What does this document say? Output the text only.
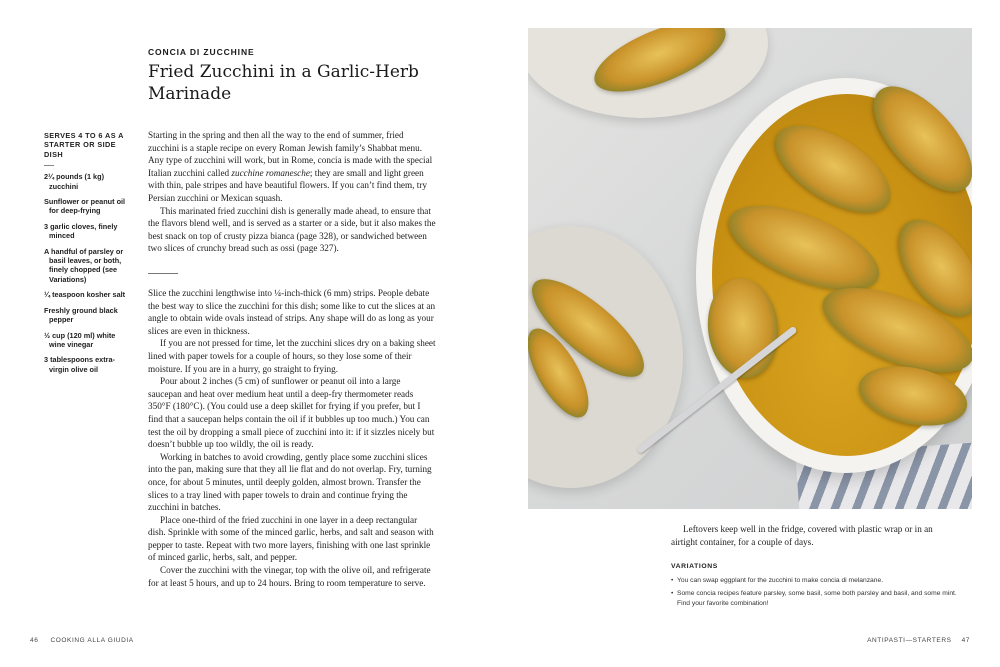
CONCIA DI ZUCCHINE
Fried Zucchini in a Garlic-Herb Marinade
SERVES 4 TO 6 AS A STARTER OR SIDE DISH
2¼ pounds (1 kg) zucchini
Sunflower or peanut oil for deep-frying
3 garlic cloves, finely minced
A handful of parsley or basil leaves, or both, finely chopped (see Variations)
¼ teaspoon kosher salt
Freshly ground black pepper
½ cup (120 ml) white wine vinegar
3 tablespoons extra-virgin olive oil

Starting in the spring and then all the way to the end of summer, fried zucchini is a staple recipe on every Roman Jewish family’s Shabbat menu. Any type of zucchini will work, but in Rome, concia is made with the special Italian zucchini called zucchine romanesche; they are small and light green with thin, pale stripes and have beautiful flowers. If you can’t find them, try Persian zucchini or Mexican squash.

This marinated fried zucchini dish is generally made ahead, to ensure that the flavors blend well, and is served as a starter or a side, but it also makes the best snack on top of crusty pizza bianca (page 328), or sandwiched between two slices of crunchy bread such as ossi (page 327).

Slice the zucchini lengthwise into ¼-inch-thick (6 mm) strips. People debate the best way to slice the zucchini for this dish; some like to cut the slices at an angle to obtain wide ovals instead of strips. Any shape will do as long as your slices are even in thickness.

If you are not pressed for time, let the zucchini slices dry on a baking sheet lined with paper towels for a couple of hours, so they lose some of their moisture. If you are in a hurry, go straight to frying.

Pour about 2 inches (5 cm) of sunflower or peanut oil into a large saucepan and heat over medium heat until a deep-fry thermometer reads 350°F (180°C). (You could use a deep skillet for frying if you prefer, but I find that a saucepan helps contain the oil if it bubbles up too much.) You can test the oil by dropping a small piece of zucchini into it: if it sizzles nicely but doesn’t bubble up too wildly, the oil is ready.

Working in batches to avoid crowding, gently place some zucchini slices into the pan, making sure that they all lie flat and do not overlap. Fry, turning once, for about 5 minutes, until deeply golden, almost brown. Transfer the slices to a tray lined with paper towels to drain and continue frying the zucchini in batches.

Place one-third of the fried zucchini in one layer in a deep rectangular dish. Sprinkle with some of the minced garlic, herbs, and salt and season with pepper to taste. Repeat with two more layers, finishing with one last sprinkle of minced garlic, herbs, salt, and pepper.

Cover the zucchini with the vinegar, top with the olive oil, and refrigerate for at least 5 hours, and up to 24 hours. Bring to room temperature to serve.

46 COOKING ALLA GIUDIA

Leftovers keep well in the fridge, covered with plastic wrap or in an airtight container, for a couple of days.

VARIATIONS
• You can swap eggplant for the zucchini to make concia di melanzane.
• Some concia recipes feature parsley, some basil, some both parsley and basil, and some mint. Find your favorite combination!
ANTIPASTI—STARTERS 47
